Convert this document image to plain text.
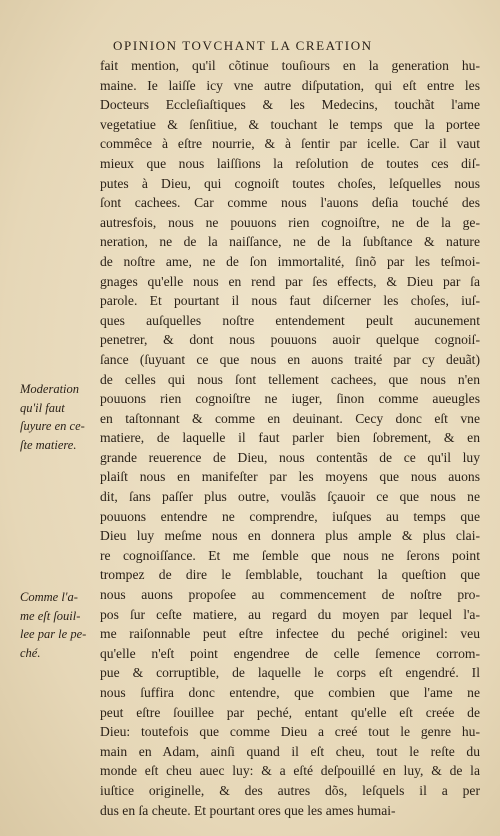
OPINION TOVCHANT LA CREATION
fait mention, qu'il cõtinue touſiours en la generation hu-
maine. Ie laiſſe icy vne autre diſputation, qui eſt entre les
Docteurs Eccleſiaſtiques & les Medecins, touchãt l'ame
vegetatiue & ſenſitiue, & touchant le temps que la portee
commêce à eſtre nourrie, & à ſentir par icelle. Car il vaut
mieux que nous laiſſions la reſolution de toutes ces diſ-
putes à Dieu, qui cognoiſt toutes choſes, leſquelles nous
ſont cachees. Car comme nous l'auons deſia touché des
autresfois, nous ne pouuons rien cognoiſtre, ne de la ge-
neration, ne de la naiſſance, ne de la ſubſtance & nature
de noſtre ame, ne de ſon immortalité, ſinõ par les teſmoi-
gnages qu'elle nous en rend par ſes effects, & Dieu par ſa
parole. Et pourtant il nous faut diſcerner les choſes, iuſ-
ques auſquelles noſtre entendement peult aucunement
penetrer, & dont nous pouuons auoir quelque cognoiſ-
ſance (ſuyuant ce que nous en auons traité par cy deuãt)
de celles qui nous ſont tellement cachees, que nous n'en
pouuons rien cognoiſtre ne iuger, ſinon comme aueugles
en taſtonnant & comme en deuinant. Cecy donc eſt vne
matiere, de laquelle il faut parler bien ſobrement, & en
grande reuerence de Dieu, nous contentãs de ce qu'il luy
plaiſt nous en manifeſter par les moyens que nous auons
dit, ſans paſſer plus outre, voulãs ſçauoir ce que nous ne
pouuons entendre ne comprendre, iuſques au temps que
Dieu luy meſme nous en donnera plus ample & plus clai-
re cognoiſſance. Et me ſemble que nous ne ſerons point
trompez de dire le ſemblable, touchant la queſtion que
nous auons propoſee au commencement de noſtre pro-
pos ſur ceſte matiere, au regard du moyen par lequel l'a-
me raiſonnable peut eſtre infectee du peché originel: veu
qu'elle n'eſt point engendree de celle ſemence corrom-
pue & corruptible, de laquelle le corps eſt engendré. Il
nous ſuffira donc entendre, que combien que l'ame ne
peut eſtre ſouillee par peché, entant qu'elle eſt creée de
Dieu: toutefois que comme Dieu a creé tout le genre hu-
main en Adam, ainſi quand il eſt cheu, tout le reſte du
monde eſt cheu auec luy: & a eſté deſpouillé en luy, & de la
iuſtice originelle, & des autres dõs, leſquels il a per
dus en ſa cheute. Et pourtant ores que les ames humai-
Moderation
qu'il faut
ſuyure en ce-
ſte matiere.
Comme l'a-
me eſt ſouil-
lee par le pe-
ché.
